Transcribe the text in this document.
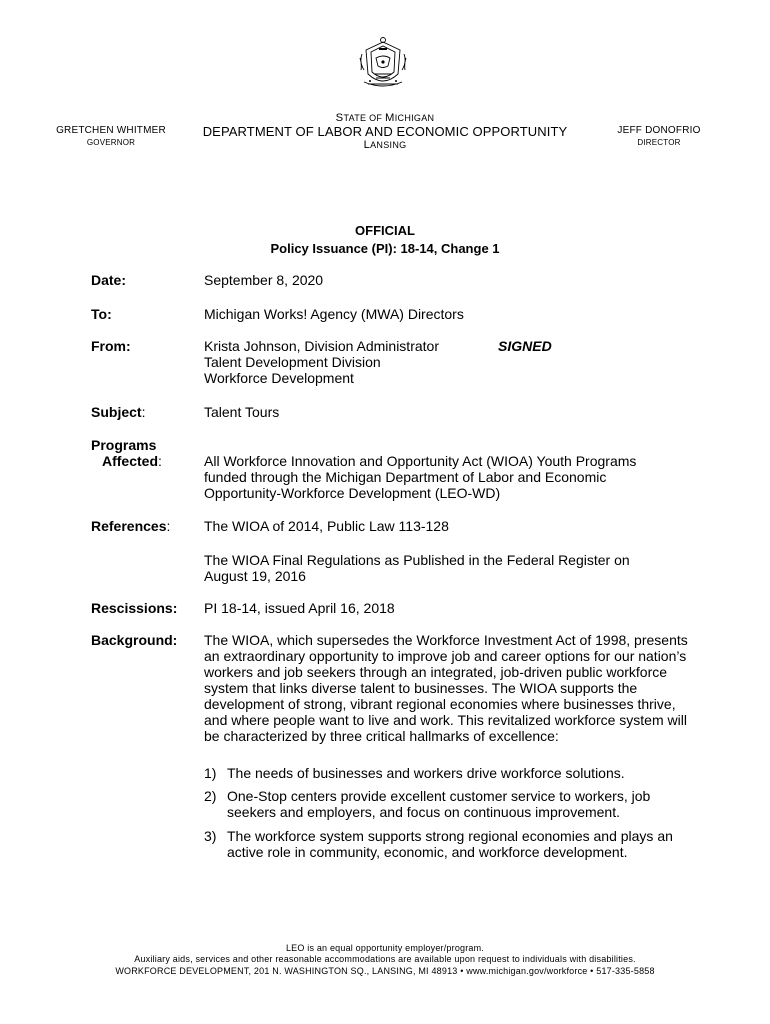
GRETCHEN WHITMER
GOVERNOR
STATE OF MICHIGAN
DEPARTMENT OF LABOR AND ECONOMIC OPPORTUNITY
LANSING
JEFF DONOFRIO
DIRECTOR
OFFICIAL
Policy Issuance (PI): 18-14, Change 1
Date:	September 8, 2020
To:	Michigan Works! Agency (MWA) Directors
From:	Krista Johnson, Division Administrator
Talent Development Division
Workforce Development
SIGNED
Subject:	Talent Tours
Programs
Affected:	All Workforce Innovation and Opportunity Act (WIOA) Youth Programs funded through the Michigan Department of Labor and Economic Opportunity-Workforce Development (LEO-WD)
References: The WIOA of 2014, Public Law 113-128
The WIOA Final Regulations as Published in the Federal Register on August 19, 2016
Rescissions: PI 18-14, issued April 16, 2018
Background: The WIOA, which supersedes the Workforce Investment Act of 1998, presents an extraordinary opportunity to improve job and career options for our nation’s workers and job seekers through an integrated, job-driven public workforce system that links diverse talent to businesses. The WIOA supports the development of strong, vibrant regional economies where businesses thrive, and where people want to live and work. This revitalized workforce system will be characterized by three critical hallmarks of excellence:
1) The needs of businesses and workers drive workforce solutions.
2) One-Stop centers provide excellent customer service to workers, job seekers and employers, and focus on continuous improvement.
3) The workforce system supports strong regional economies and plays an active role in community, economic, and workforce development.
LEO is an equal opportunity employer/program.
Auxiliary aids, services and other reasonable accommodations are available upon request to individuals with disabilities.
WORKFORCE DEVELOPMENT, 201 N. WASHINGTON SQ., LANSING, MI 48913 • www.michigan.gov/workforce • 517-335-5858
